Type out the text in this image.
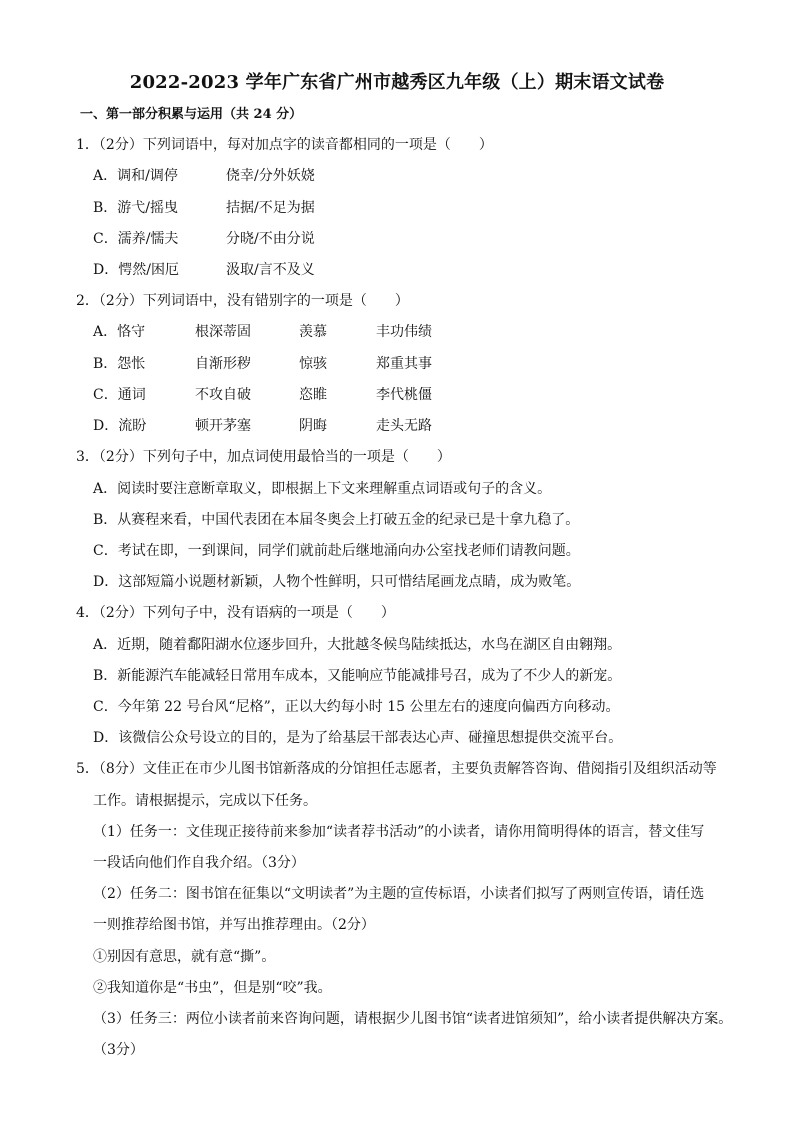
2022-2023 学年广东省广州市越秀区九年级（上）期末语文试卷
一、第一部分积累与运用（共 24 分）
1．（2分）下列词语中，每对加点字的读音都相同的一项是（　　）
A．调和/调停	侥幸/分外妖娆
B．游弋/摇曳	拮据/不足为据
C．濡养/懦夫	分晓/不由分说
D．愕然/困厄	汲取/言不及义
2．（2分）下列词语中，没有错别字的一项是（　　）
A．恪守	根深蒂固	羡慕	丰功伟绩
B．怨怅	自渐形秽	惊骇	郑重其事
C．通词	不攻自破	恣睢	李代桃僵
D．流盼	顿开茅塞	阴晦	走头无路
3．（2分）下列句子中，加点词使用最恰当的一项是（　　）
A．阅读时要注意断章取义，即根据上下文来理解重点词语或句子的含义。
B．从赛程来看，中国代表团在本届冬奥会上打破五金的纪录已是十拿九稳了。
C．考试在即，一到课间，同学们就前赴后继地涌向办公室找老师们请教问题。
D．这部短篇小说题材新颖，人物个性鲜明，只可惜结尾画龙点睛，成为败笔。
4．（2分）下列句子中，没有语病的一项是（　　）
A．近期，随着鄱阳湖水位逐步回升，大批越冬候鸟陆续抵达，水鸟在湖区自由翱翔。
B．新能源汽车能减轻日常用车成本，又能响应节能减排号召，成为了不少人的新宠。
C．今年第 22 号台风“尼格”，正以大约每小时 15 公里左右的速度向偏西方向移动。
D．该微信公众号设立的目的，是为了给基层干部表达心声、碰撞思想提供交流平台。
5．（8分）文佳正在市少儿图书馆新落成的分馆担任志愿者，主要负责解答咨询、借阅指引及组织活动等
工作。请根据提示，完成以下任务。
（1）任务一：文佳现正接待前来参加“读者荐书活动”的小读者，请你用简明得体的语言，替文佳写
一段话向他们作自我介绍。（3分）
（2）任务二：图书馆在征集以“文明读者”为主题的宣传标语，小读者们拟写了两则宣传语，请任选
一则推荐给图书馆，并写出推荐理由。（2分）
①别因有意思，就有意“撕”。
②我知道你是“书虫”，但是别“咬”我。
（3）任务三：两位小读者前来咨询问题，请根据少儿图书馆“读者进馆须知”，给小读者提供解决方案。
（3分）
